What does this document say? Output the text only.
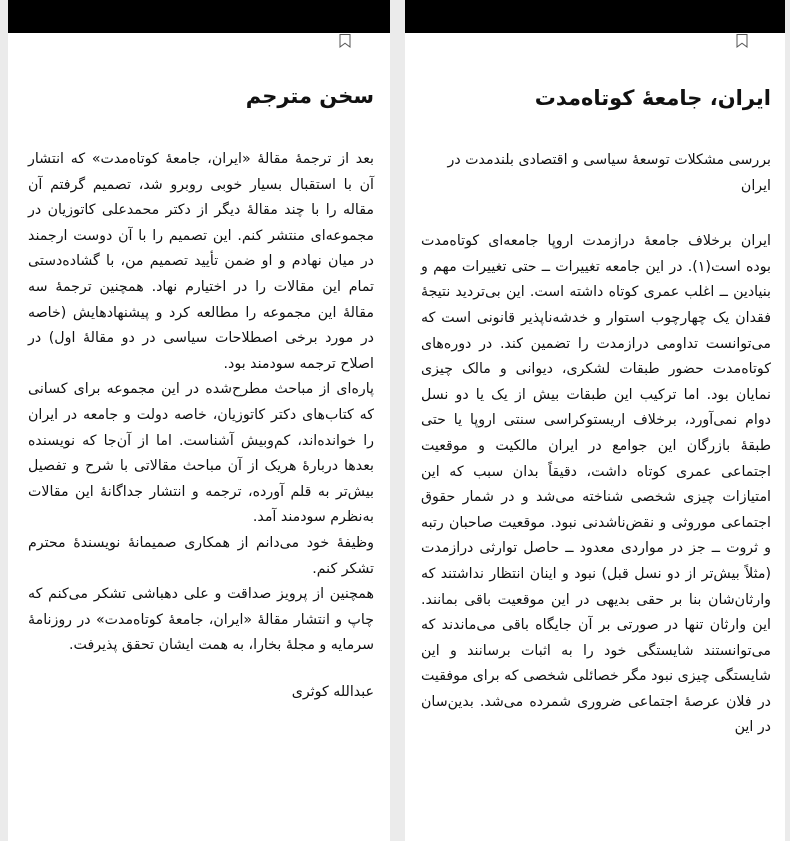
سخن مترجم

بعد از ترجمهٔ مقالهٔ «ایران، جامعهٔ کوتاه‌مدت» که انتشار آن با استقبال بسیار خوبی روبرو شد، تصمیم گرفتم آن مقاله را با چند مقالهٔ دیگر از دکتر محمدعلی کاتوزیان در مجموعه‌ای منتشر کنم. این تصمیم را با آن دوست ارجمند در میان نهادم و او ضمن تأیید تصمیم من، با گشاده‌دستی تمام این مقالات را در اختیارم نهاد. همچنین ترجمهٔ سه مقالهٔ این مجموعه را مطالعه کرد و پیشنهادهایش (خاصه در مورد برخی اصطلاحات سیاسی در دو مقالهٔ اول) در اصلاح ترجمه سودمند بود.

پاره‌ای از مباحث مطرح‌شده در این مجموعه برای کسانی که کتاب‌های دکتر کاتوزیان، خاصه دولت و جامعه در ایران را خوانده‌اند، کم‌وبیش آشناست. اما از آن‌جا که نویسنده بعدها دربارهٔ هریک از آن مباحث مقالاتی با شرح و تفصیل بیش‌تر به قلم آورده، ترجمه و انتشار جداگانهٔ این مقالات به‌نظرم سودمند آمد.

وظیفهٔ خود می‌دانم از همکاری صمیمانهٔ نویسندهٔ محترم تشکر کنم.

همچنین از پرویز صداقت و علی دهباشی تشکر می‌کنم که چاپ و انتشار مقالهٔ «ایران، جامعهٔ کوتاه‌مدت» در روزنامهٔ سرمایه و مجلهٔ بخارا، به همت ایشان تحقق پذیرفت.

عبدالله کوثری

ایران، جامعهٔ کوتاه‌مدت

بررسی مشکلات توسعهٔ سیاسی و اقتصادی بلندمدت در ایران

ایران برخلاف جامعهٔ درازمدت اروپا جامعه‌ای کوتاه‌مدت بوده است(۱). در این جامعه تغییرات ــ حتی تغییرات مهم و بنیادین ــ اغلب عمری کوتاه داشته است. این بی‌تردید نتیجهٔ فقدان یک چهارچوب استوار و خدشه‌ناپذیر قانونی است که می‌توانست تداومی درازمدت را تضمین کند. در دوره‌های کوتاه‌مدت حضور طبقات لشکری، دیوانی و مالک چیزی نمایان بود. اما ترکیب این طبقات بیش از یک یا دو نسل دوام نمی‌آورد، برخلاف اریستوکراسی سنتی اروپا یا حتی طبقهٔ بازرگان این جوامع در ایران مالکیت و موقعیت اجتماعی عمری کوتاه داشت، دقیقاً بدان سبب که این امتیازات چیزی شخصی شناخته می‌شد و در شمار حقوق اجتماعی موروثی و نقض‌ناشدنی نبود. موقعیت صاحبان رتبه و ثروت ــ جز در مواردی معدود ــ حاصل توارثی درازمدت (مثلاً بیش‌تر از دو نسل قبل) نبود و اینان انتظار نداشتند که وارثان‌شان بنا بر حقی بدیهی در این موقعیت باقی بمانند. این وارثان تنها در صورتی بر آن جایگاه باقی می‌ماندند که می‌توانستند شایستگی خود را به اثبات برسانند و این شایستگی چیزی نبود مگر خصائلی شخصی که برای موفقیت در فلان عرصهٔ اجتماعی ضروری شمرده می‌شد. بدین‌سان در این
